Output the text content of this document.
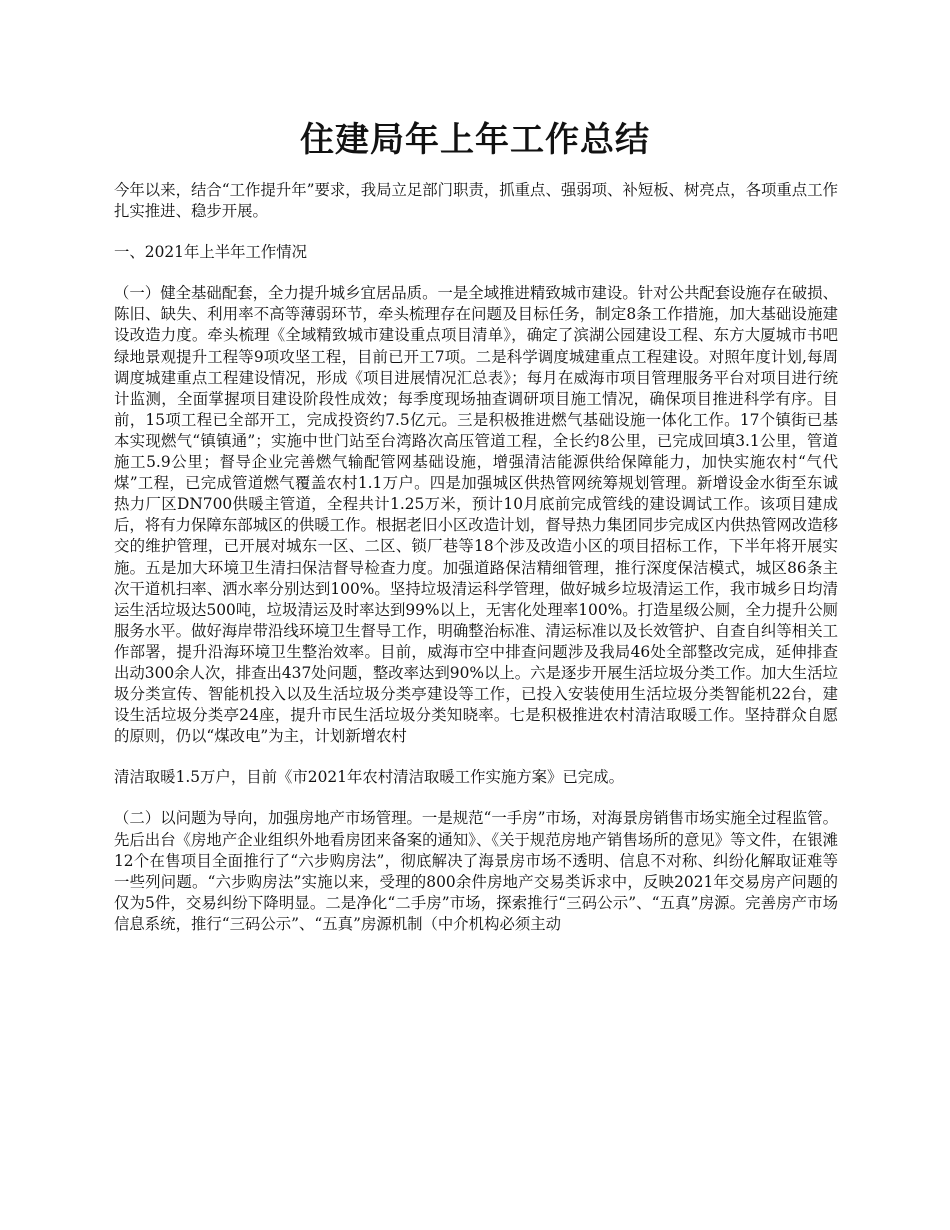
住建局年上年工作总结

今年以来，结合“工作提升年”要求，我局立足部门职责，抓重点、强弱项、补短板、树亮点，各项重点工作扎实推进、稳步开展。

一、2021年上半年工作情况

（一）健全基础配套，全力提升城乡宜居品质。一是全域推进精致城市建设。针对公共配套设施存在破损、陈旧、缺失、利用率不高等薄弱环节，牵头梳理存在问题及目标任务，制定8条工作措施，加大基础设施建设改造力度。牵头梳理《全域精致城市建设重点项目清单》，确定了滨湖公园建设工程、东方大厦城市书吧绿地景观提升工程等9项攻坚工程，目前已开工7项。二是科学调度城建重点工程建设。对照年度计划,每周调度城建重点工程建设情况，形成《项目进展情况汇总表》；每月在威海市项目管理服务平台对项目进行统计监测，全面掌握项目建设阶段性成效；每季度现场抽查调研项目施工情况，确保项目推进科学有序。目前，15项工程已全部开工，完成投资约7.5亿元。三是积极推进燃气基础设施一体化工作。17个镇街已基本实现燃气“镇镇通”；实施中世门站至台湾路次高压管道工程，全长约8公里，已完成回填3.1公里，管道施工5.9公里；督导企业完善燃气输配管网基础设施，增强清洁能源供给保障能力，加快实施农村“气代煤”工程，已完成管道燃气覆盖农村1.1万户。四是加强城区供热管网统筹规划管理。新增设金水街至东诚热力厂区DN700供暖主管道，全程共计1.25万米，预计10月底前完成管线的建设调试工作。该项目建成后，将有力保障东部城区的供暖工作。根据老旧小区改造计划，督导热力集团同步完成区内供热管网改造移交的维护管理，已开展对城东一区、二区、锁厂巷等18个涉及改造小区的项目招标工作，下半年将开展实施。五是加大环境卫生清扫保洁督导检查力度。加强道路保洁精细管理，推行深度保洁模式，城区86条主次干道机扫率、洒水率分别达到100%。坚持垃圾清运科学管理，做好城乡垃圾清运工作，我市城乡日均清运生活垃圾达500吨，垃圾清运及时率达到99%以上，无害化处理率100%。打造星级公厕，全力提升公厕服务水平。做好海岸带沿线环境卫生督导工作，明确整治标准、清运标准以及长效管护、自查自纠等相关工作部署，提升沿海环境卫生整治效率。目前，威海市空中排查问题涉及我局46处全部整改完成，延伸排查出动300余人次，排查出437处问题，整改率达到90%以上。六是逐步开展生活垃圾分类工作。加大生活垃圾分类宣传、智能机投入以及生活垃圾分类亭建设等工作，已投入安装使用生活垃圾分类智能机22台，建设生活垃圾分类亭24座，提升市民生活垃圾分类知晓率。七是积极推进农村清洁取暖工作。坚持群众自愿的原则，仍以“煤改电”为主，计划新增农村

清洁取暖1.5万户，目前《市2021年农村清洁取暖工作实施方案》已完成。

（二）以问题为导向，加强房地产市场管理。一是规范“一手房”市场，对海景房销售市场实施全过程监管。先后出台《房地产企业组织外地看房团来备案的通知》、《关于规范房地产销售场所的意见》等文件，在银滩12个在售项目全面推行了“六步购房法”，彻底解决了海景房市场不透明、信息不对称、纠纷化解取证难等一些列问题。“六步购房法”实施以来，受理的800余件房地产交易类诉求中，反映2021年交易房产问题的仅为5件，交易纠纷下降明显。二是净化“二手房”市场，探索推行“三码公示”、“五真”房源。完善房产市场信息系统，推行“三码公示”、“五真”房源机制（中介机构必须主动
